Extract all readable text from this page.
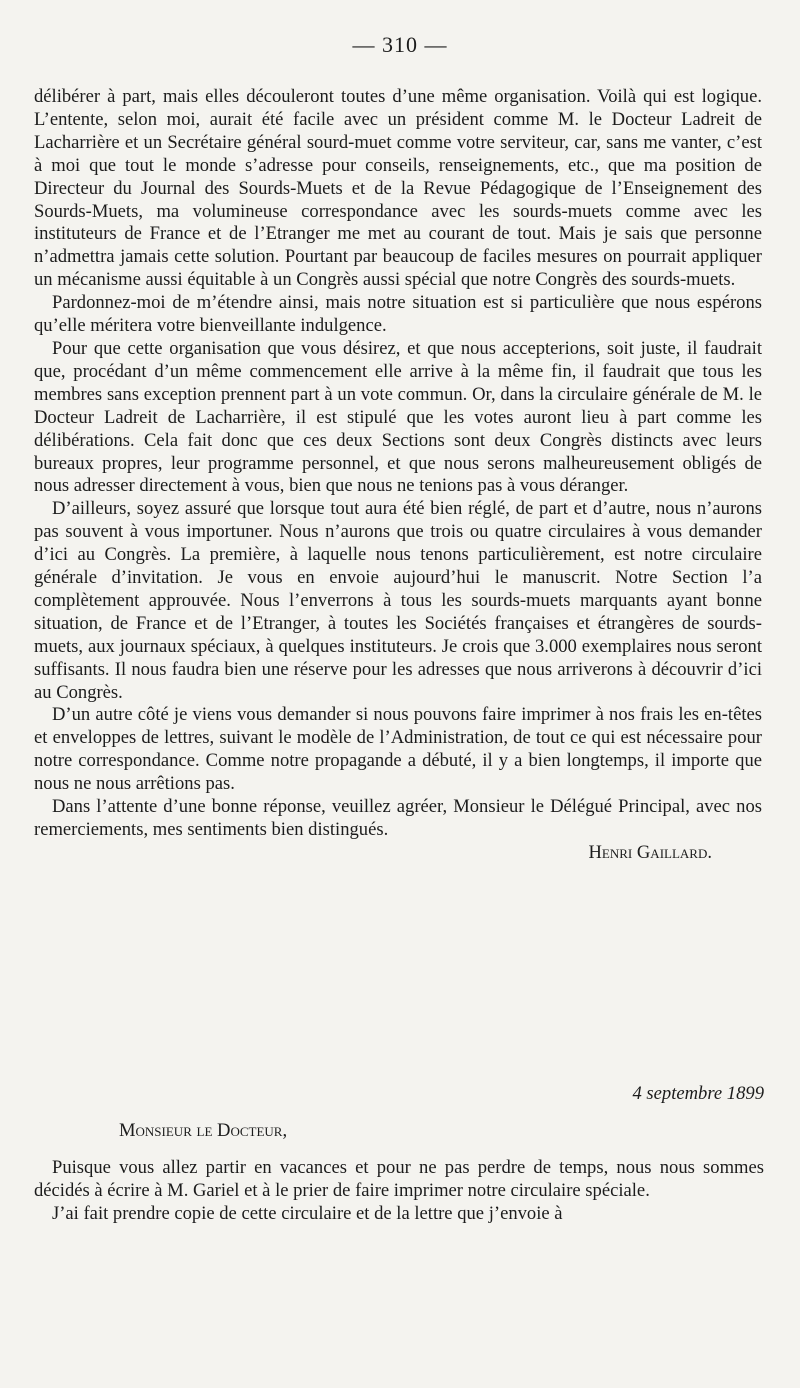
— 310 —

délibérer à part, mais elles découleront toutes d’une même organisation. Voilà qui est logique. L’entente, selon moi, aurait été facile avec un président comme M. le Docteur Ladreit de Lacharrière et un Secrétaire général sourd-muet comme votre serviteur, car, sans me vanter, c’est à moi que tout le monde s’adresse pour conseils, renseignements, etc., que ma position de Directeur du Journal des Sourds-Muets et de la Revue Pédagogique de l’Enseignement des Sourds-Muets, ma volumineuse correspondance avec les sourds-muets comme avec les instituteurs de France et de l’Etranger me met au courant de tout. Mais je sais que personne n’admettra jamais cette solution. Pourtant par beaucoup de faciles mesures on pourrait appliquer un mécanisme aussi équitable à un Congrès aussi spécial que notre Congrès des sourds-muets.

Pardonnez-moi de m’étendre ainsi, mais notre situation est si particulière que nous espérons qu’elle méritera votre bienveillante indulgence.

Pour que cette organisation que vous désirez, et que nous accepterions, soit juste, il faudrait que, procédant d’un même commencement elle arrive à la même fin, il faudrait que tous les membres sans exception prennent part à un vote commun. Or, dans la circulaire générale de M. le Docteur Ladreit de Lacharrière, il est stipulé que les votes auront lieu à part comme les délibérations. Cela fait donc que ces deux Sections sont deux Congrès distincts avec leurs bureaux propres, leur programme personnel, et que nous serons malheureusement obligés de nous adresser directement à vous, bien que nous ne tenions pas à vous déranger.

D’ailleurs, soyez assuré que lorsque tout aura été bien réglé, de part et d’autre, nous n’aurons pas souvent à vous importuner. Nous n’aurons que trois ou quatre circulaires à vous demander d’ici au Congrès. La première, à laquelle nous tenons particulièrement, est notre circulaire générale d’invitation. Je vous en envoie aujourd’hui le manuscrit. Notre Section l’a complètement approuvée. Nous l’enverrons à tous les sourds-muets marquants ayant bonne situation, de France et de l’Etranger, à toutes les Sociétés françaises et étrangères de sourds-muets, aux journaux spéciaux, à quelques instituteurs. Je crois que 3.000 exemplaires nous seront suffisants. Il nous faudra bien une réserve pour les adresses que nous arriverons à découvrir d’ici au Congrès.

D’un autre côté je viens vous demander si nous pouvons faire imprimer à nos frais les en-têtes et enveloppes de lettres, suivant le modèle de l’Administration, de tout ce qui est nécessaire pour notre correspondance. Comme notre propagande a débuté, il y a bien longtemps, il importe que nous ne nous arrêtions pas.

Dans l’attente d’une bonne réponse, veuillez agréer, Monsieur le Délégué Principal, avec nos remerciements, mes sentiments bien distingués.

Henri Gaillard.

4 septembre 1899

Monsieur le Docteur,

Puisque vous allez partir en vacances et pour ne pas perdre de temps, nous nous sommes décidés à écrire à M. Gariel et à le prier de faire imprimer notre circulaire spéciale.

J’ai fait prendre copie de cette circulaire et de la lettre que j’envoie à
